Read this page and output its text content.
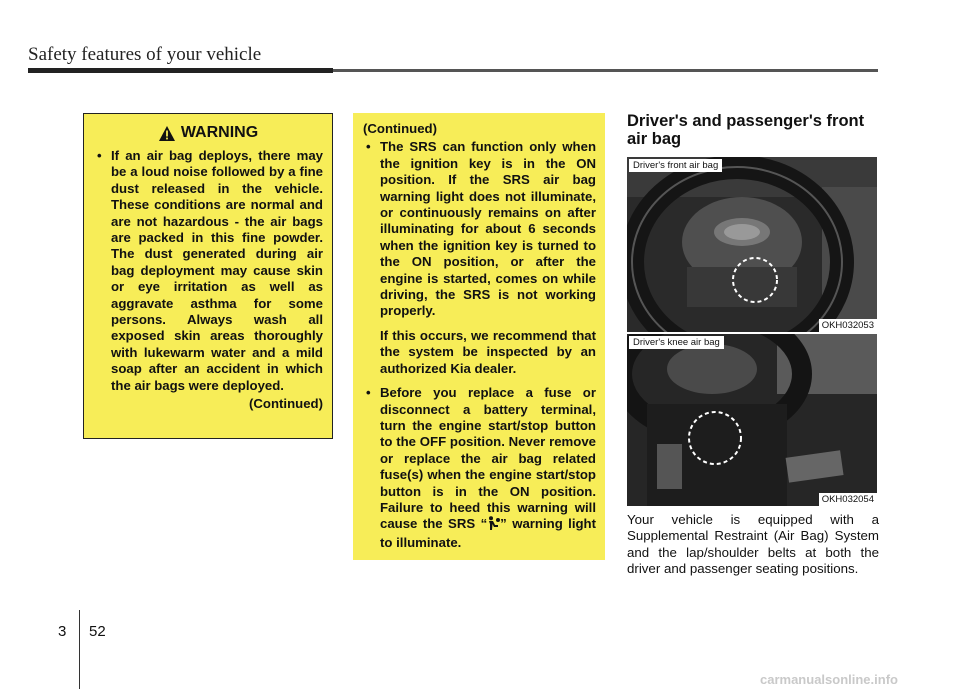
Safety features of your vehicle
WARNING
• If an air bag deploys, there may be a loud noise followed by a fine dust released in the vehicle. These conditions are normal and are not hazardous - the air bags are packed in this fine powder. The dust generated during air bag deployment may cause skin or eye irritation as well as aggravate asthma for some persons. Always wash all exposed skin areas thoroughly with lukewarm water and a mild soap after an accident in which the air bags were deployed.
(Continued)
(Continued)
• The SRS can function only when the ignition key is in the ON position. If the SRS air bag warning light does not illuminate, or continuously remains on after illuminating for about 6 seconds when the ignition key is turned to the ON position, or after the engine is started, comes on while driving, the SRS is not working properly.
If this occurs, we recommend that the system be inspected by an authorized Kia dealer.
• Before you replace a fuse or disconnect a battery terminal, turn the engine start/stop button to the OFF position. Never remove or replace the air bag related fuse(s) when the engine start/stop button is in the ON position. Failure to heed this warning will cause the SRS “ ” warning light to illuminate.
Driver's and passenger's front air bag
Driver's front air bag
OKH032053
Driver's knee air bag
OKH032054
Your vehicle is equipped with a Supplemental Restraint (Air Bag) System and the lap/shoulder belts at both the driver and passenger seating positions.
3 52
carmanualsonline.info
